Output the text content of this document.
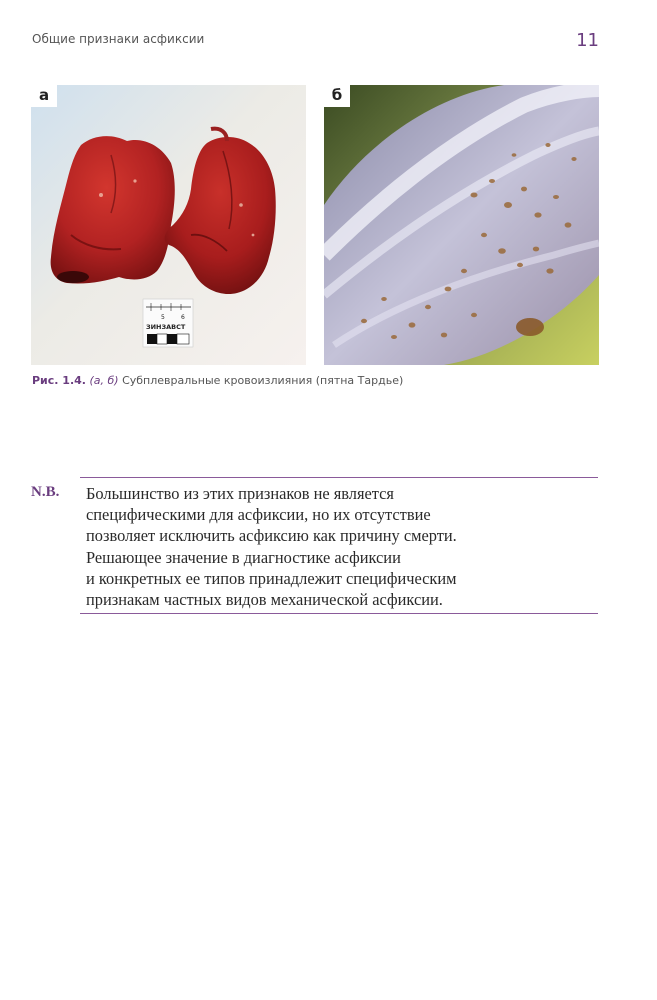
Общие признаки асфиксии	11
5	6
ЗИНЗАВСТ
а	б
Рис. 1.4. (а, б) Субплевральные кровоизлияния (пятна Тардье)
N.B. Большинство из этих признаков не является
специфическими для асфиксии, но их отсутствие
позволяет исключить асфиксию как причину смерти.
Решающее значение в диагностике асфиксии
и конкретных ее типов принадлежит специфическим
признакам частных видов механической асфиксии.
